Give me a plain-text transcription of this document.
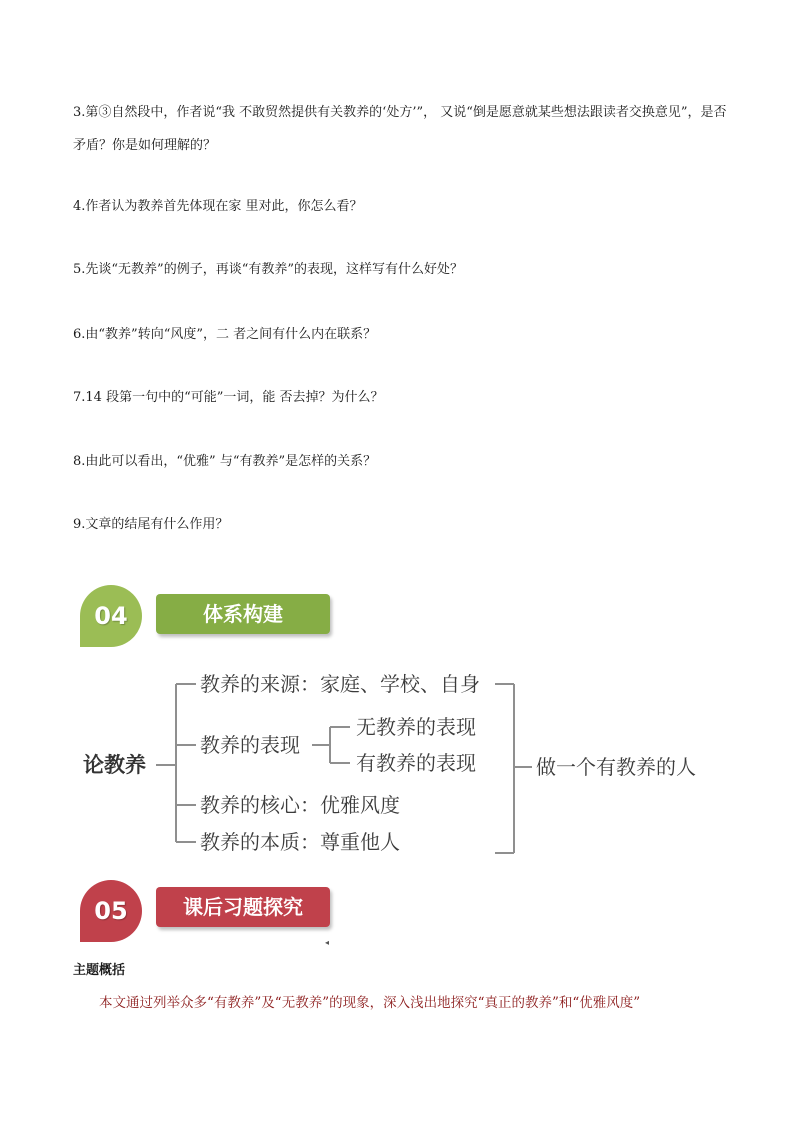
3.第③自然段中，作者说“我 不敢贸然提供有关教养的‘处方’”， 又说“倒是愿意就某些想法跟读者交换意见”，是否矛盾？你是如何理解的？

4.作者认为教养首先体现在家 里对此，你怎么看？

5.先谈“无教养”的例子，再谈“有教养”的表现，这样写有什么好处？

6.由“教养”转向“风度”，二 者之间有什么内在联系？

7.14 段第一句中的“可能”一词，能 否去掉？为什么？

8.由此可以看出，“优雅” 与“有教养”是怎样的关系？

9.文章的结尾有什么作用？

04	体系构建
论教养
教养的来源：家庭、学校、自身
教养的表现
无教养的表现
有教养的表现
教养的核心：优雅风度
教养的本质：尊重他人
做一个有教养的人
05	课后习题探究
◂
主题概括
本文通过列举众多“有教养”及“无教养”的现象，深入浅出地探究“真正的教养”和“优雅风度”
